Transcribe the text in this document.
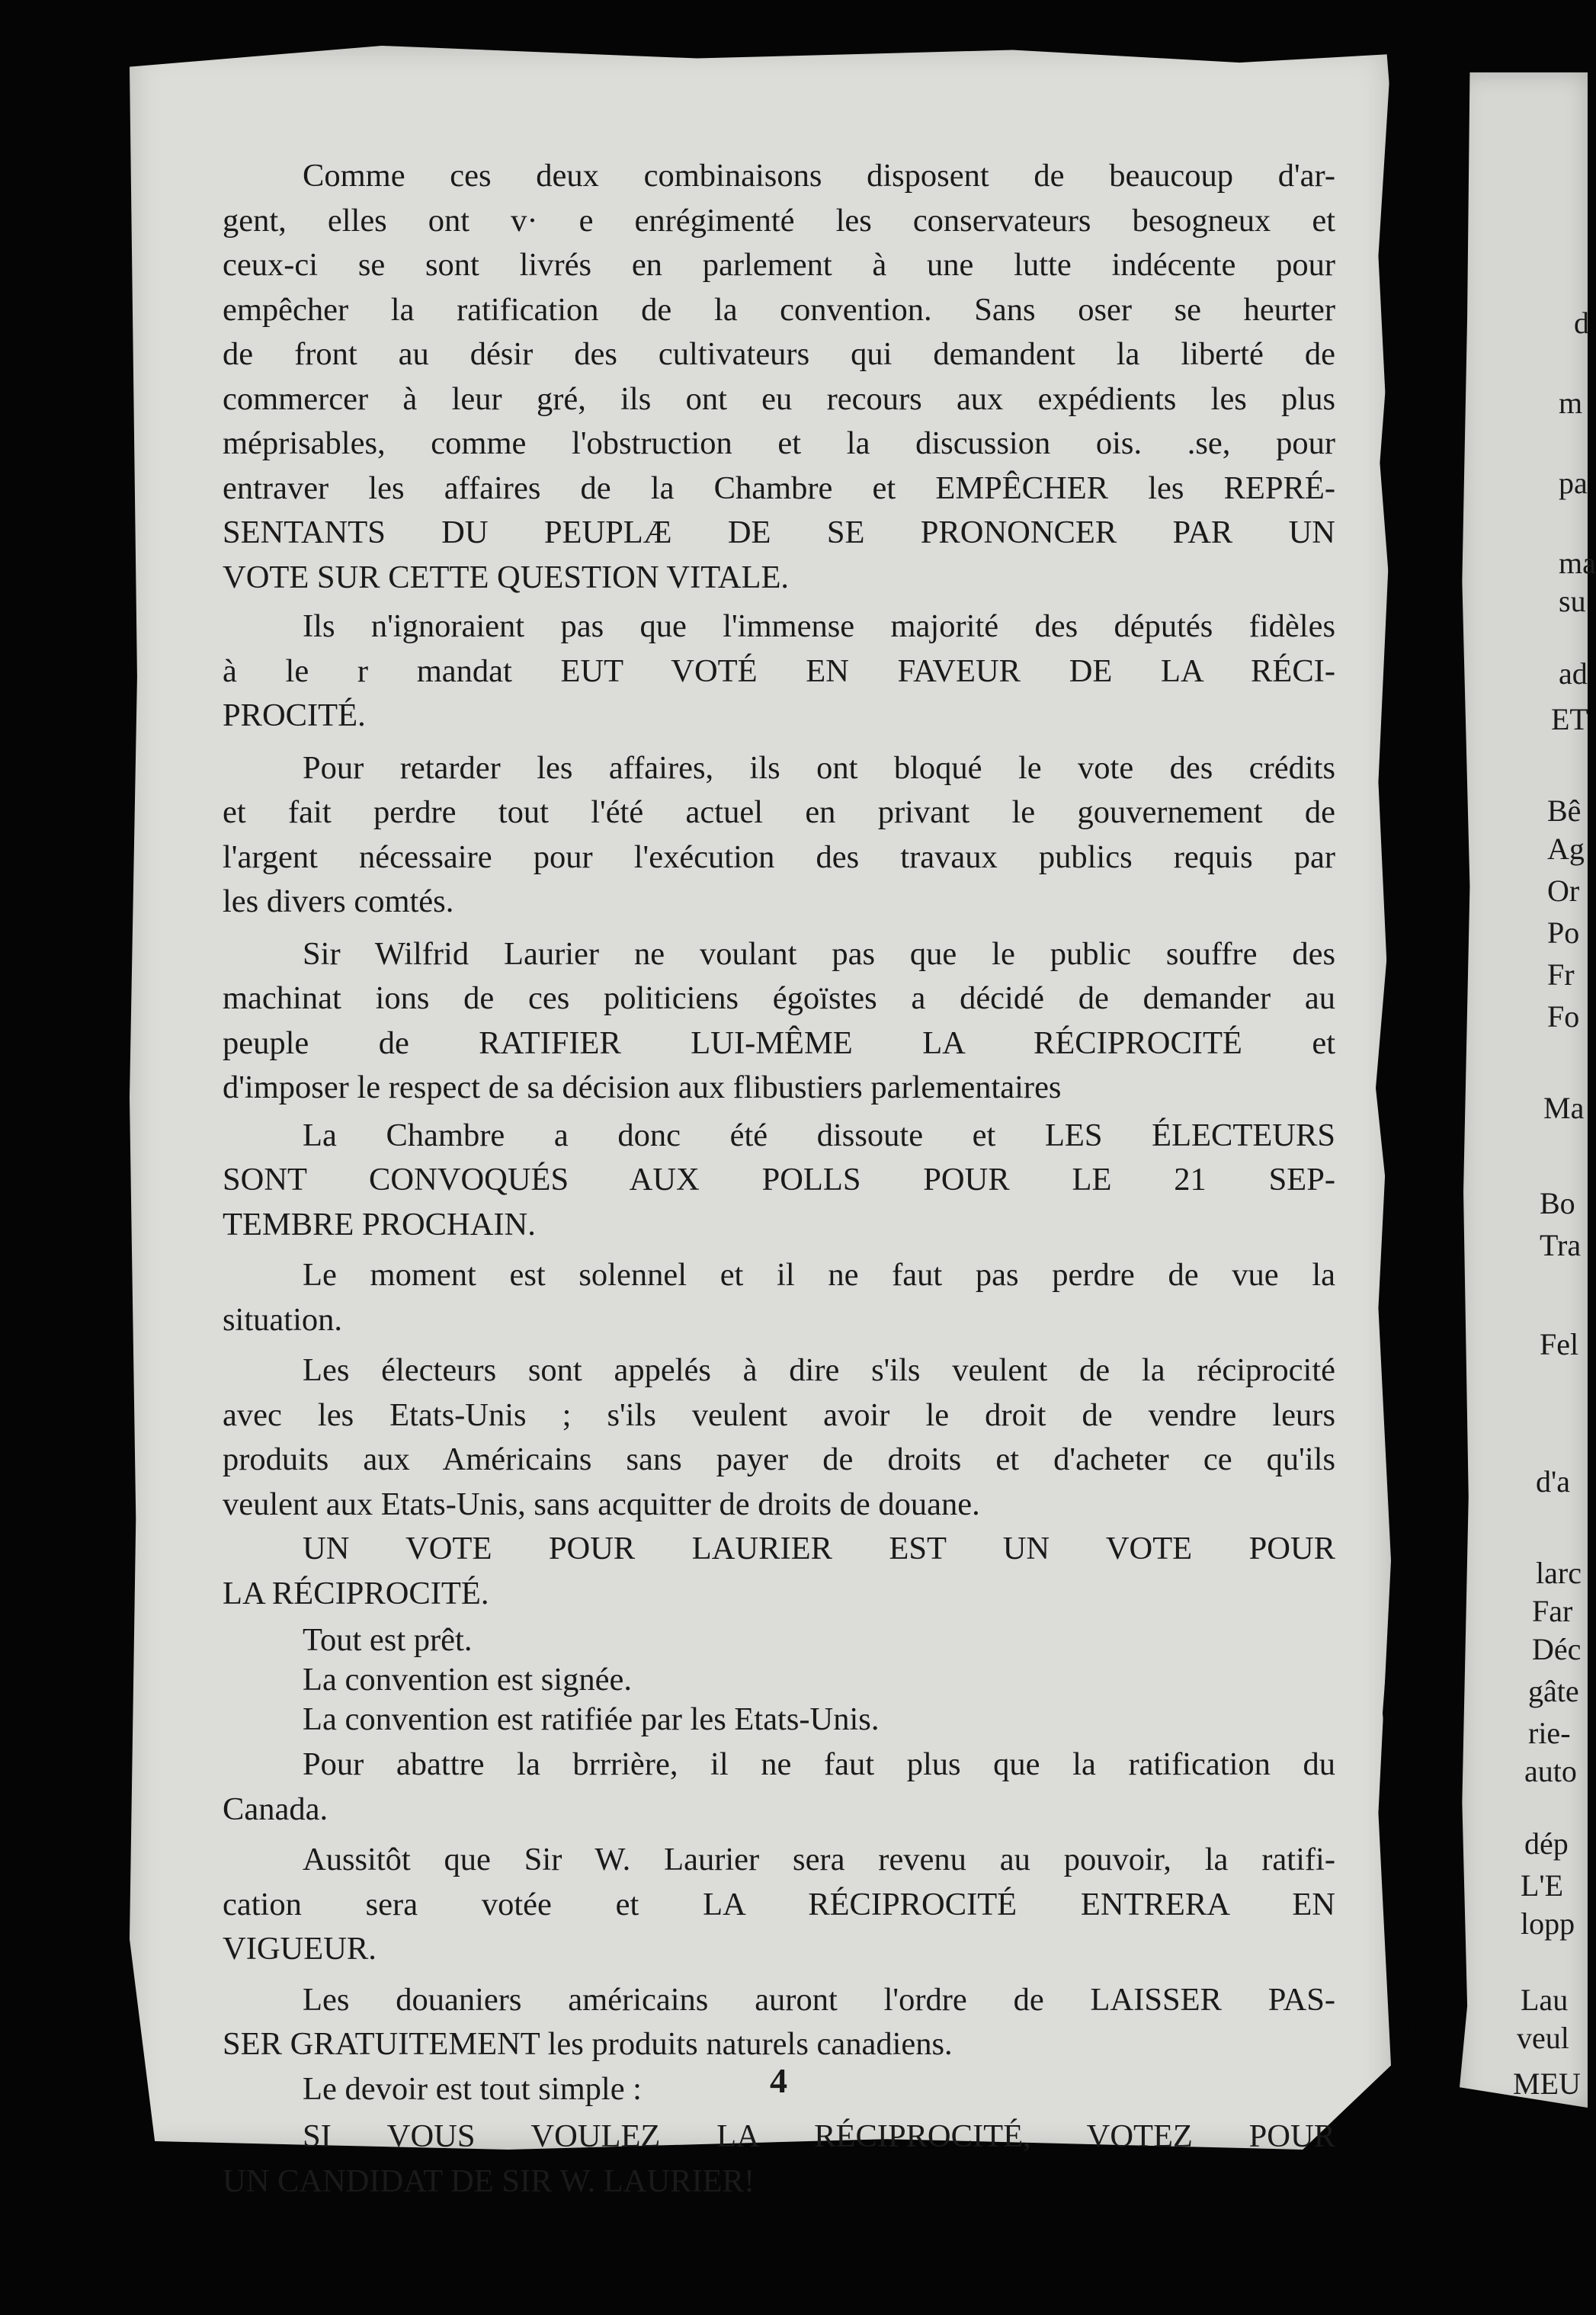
Comme ces deux combinaisons disposent de beaucoup d'ar-
gent, elles ont v· e enrégimenté les conservateurs besogneux et
ceux-ci se sont livrés en parlement à une lutte indécente pour
empêcher la ratification de la convention. Sans oser se heurter
de front au désir des cultivateurs qui demandent la liberté de
commercer à leur gré, ils ont eu recours aux expédients les plus
méprisables, comme l'obstruction et la discussion ois. .se, pour
entraver les affaires de la Chambre et EMPÊCHER les REPRÉ-
SENTANTS DU PEUPLÆ DE SE PRONONCER PAR UN
VOTE SUR CETTE QUESTION VITALE.
Ils n'ignoraient pas que l'immense majorité des députés fidèles
à le r mandat EUT VOTÉ EN FAVEUR DE LA RÉCI-
PROCITÉ.
Pour retarder les affaires, ils ont bloqué le vote des crédits
et fait perdre tout l'été actuel en privant le gouvernement de
l'argent nécessaire pour l'exécution des travaux publics requis par
les divers comtés.
Sir Wilfrid Laurier ne voulant pas que le public souffre des
machinat ions de ces politiciens égoïstes a décidé de demander au
peuple de RATIFIER LUI-MÊME LA RÉCIPROCITÉ et
d'imposer le respect de sa décision aux flibustiers parlementaires
La Chambre a donc été dissoute et LES ÉLECTEURS
SONT CONVOQUÉS AUX POLLS POUR LE 21 SEP-
TEMBRE PROCHAIN.
Le moment est solennel et il ne faut pas perdre de vue la
situation.
Les électeurs sont appelés à dire s'ils veulent de la réciprocité
avec les Etats-Unis ; s'ils veulent avoir le droit de vendre leurs
produits aux Américains sans payer de droits et d'acheter ce qu'ils
veulent aux Etats-Unis, sans acquitter de droits de douane.
UN VOTE POUR LAURIER EST UN VOTE POUR
LA RÉCIPROCITÉ.
Tout est prêt.
La convention est signée.
La convention est ratifiée par les Etats-Unis.
Pour abattre la brrrière, il ne faut plus que la ratification du
Canada.
Aussitôt que Sir W. Laurier sera revenu au pouvoir, la ratifi-
cation sera votée et LA RÉCIPROCITÉ ENTRERA EN
VIGUEUR.
Les douaniers américains auront l'ordre de LAISSER PAS-
SER GRATUITEMENT les produits naturels canadiens.
Le devoir est tout simple :
SI VOUS VOULEZ LA RÉCIPROCITÉ, VOTEZ POUR
UN CANDIDAT DE SIR W. LAURIER!
4
d
m
pa
ma
su
ad
ET
Bê
Ag
Or
Po
Fr
Fo
Ma
Bo
Tra
Fel
d'a
larc
Far
Déc
gâte
rie-
auto
dép
L'E
lopp
Lau
veul
MEU
